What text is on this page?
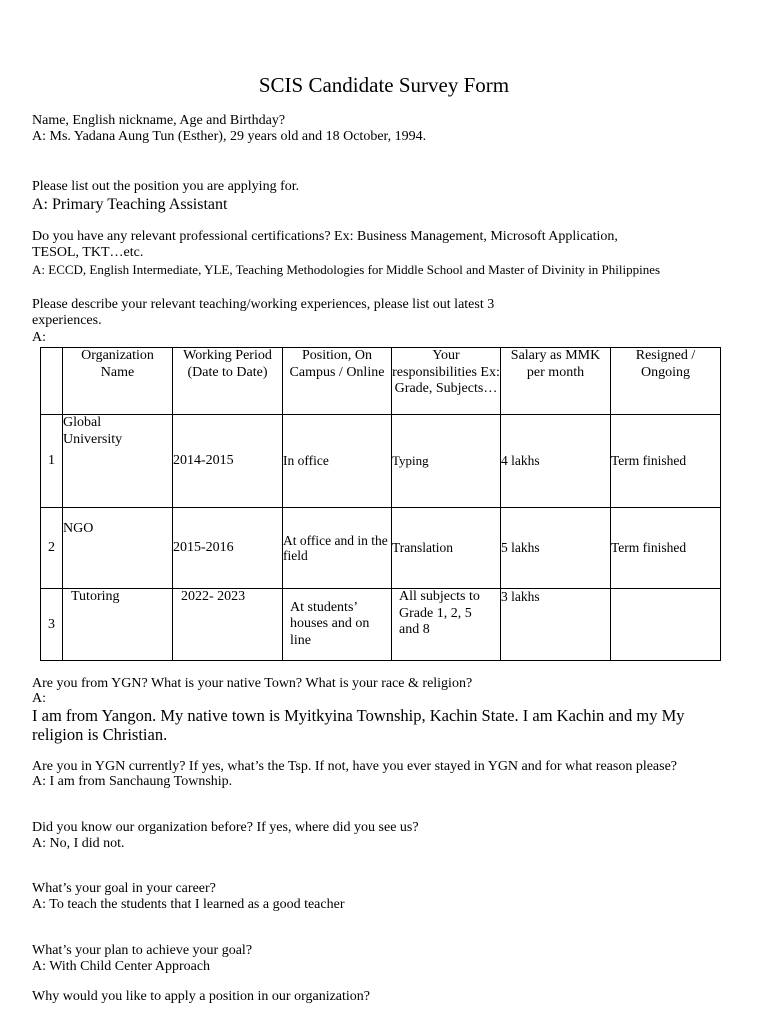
SCIS Candidate Survey Form
Name, English nickname, Age and Birthday?
A: Ms. Yadana Aung Tun (Esther), 29 years old and 18 October, 1994.
Please list out the position you are applying for.
A: Primary Teaching Assistant
Do you have any relevant professional certifications? Ex: Business Management, Microsoft Application,
TESOL, TKT…etc.
A: ECCD, English Intermediate, YLE, Teaching Methodologies for Middle School and Master of Divinity in Philippines
Please describe your relevant teaching/working experiences, please list out latest 3
experiences.
A:
	Organization Name	Working Period (Date to Date)	Position, On Campus / Online	Your responsibilities Ex: Grade, Subjects…	Salary as MMK per month	Resigned / Ongoing
1	Global University	2014-2015	In office	Typing	4 lakhs	Term finished
2	NGO	2015-2016	At office and in the field	Translation	5 lakhs	Term finished
3	Tutoring	2022- 2023	At students’ houses and on line	All subjects to Grade 1, 2, 5 and 8	3 lakhs	
Are you from YGN? What is your native Town? What is your race & religion?
A:
I am from Yangon. My native town is Myitkyina Township, Kachin State. I am Kachin and my My
religion is Christian.
Are you in YGN currently? If yes, what’s the Tsp. If not, have you ever stayed in YGN and for what reason please?
A: I am from Sanchaung Township.
Did you know our organization before? If yes, where did you see us?
A: No, I did not.
What’s your goal in your career?
A: To teach the students that I learned as a good teacher
What’s your plan to achieve your goal?
A: With Child Center Approach
Why would you like to apply a position in our organization?
